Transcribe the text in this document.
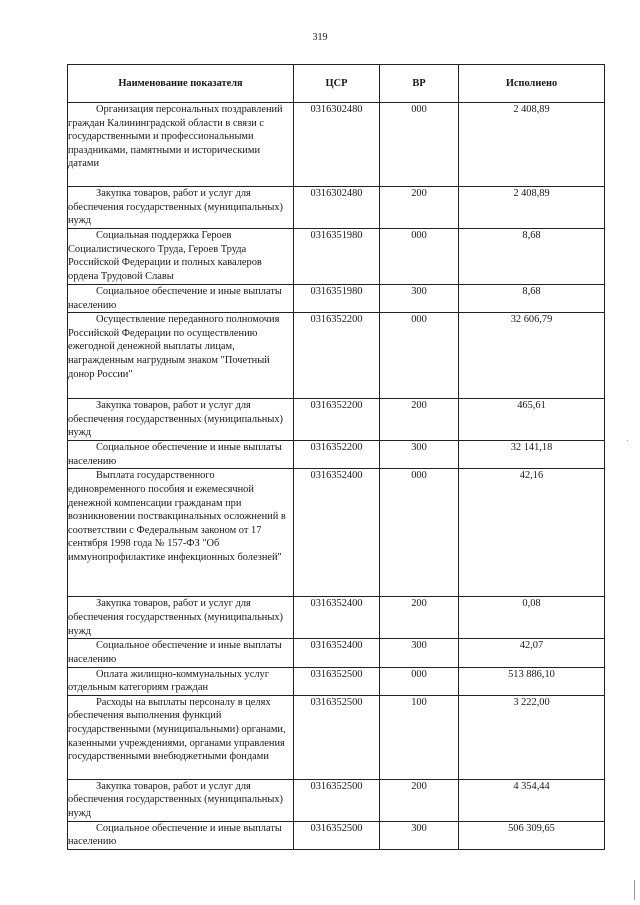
319
Наименование показателя	ЦСР	ВР	Исполнено
Организация персональных поздравлений граждан Калининградской области в связи с государственными и профессиональными праздниками, памятными и историческими датами	0316302480	000	2 408,89
Закупка товаров, работ и услуг для обеспечения государственных (муниципальных) нужд	0316302480	200	2 408,89
Социальная поддержка Героев Социалистического Труда, Героев Труда Российской Федерации и полных кавалеров ордена Трудовой Славы	0316351980	000	8,68
Социальное обеспечение и иные выплаты населению	0316351980	300	8,68
Осуществление переданного полномочия Российской Федерации по осуществлению ежегодной денежной выплаты лицам, награжденным нагрудным знаком "Почетный донор России"	0316352200	000	32 606,79
Закупка товаров, работ и услуг для обеспечения государственных (муниципальных) нужд	0316352200	200	465,61
Социальное обеспечение и иные выплаты населению	0316352200	300	32 141,18
Выплата государственного единовременного пособия и ежемесячной денежной компенсации гражданам при возникновении поствакцинальных осложнений в соответствии с Федеральным законом от 17 сентября 1998 года № 157-ФЗ "Об иммунопрофилактике инфекционных болезней"	0316352400	000	42,16
Закупка товаров, работ и услуг для обеспечения государственных (муниципальных) нужд	0316352400	200	0,08
Социальное обеспечение и иные выплаты населению	0316352400	300	42,07
Оплата жилищно-коммунальных услуг отдельным категориям граждан	0316352500	000	513 886,10
Расходы на выплаты персоналу в целях обеспечения выполнения функций государственными (муниципальными) органами, казенными учреждениями, органами управления государственными внебюджетными фондами	0316352500	100	3 222,00
Закупка товаров, работ и услуг для обеспечения государственных (муниципальных) нужд	0316352500	200	4 354,44
Социальное обеспечение и иные выплаты населению	0316352500	300	506 309,65
